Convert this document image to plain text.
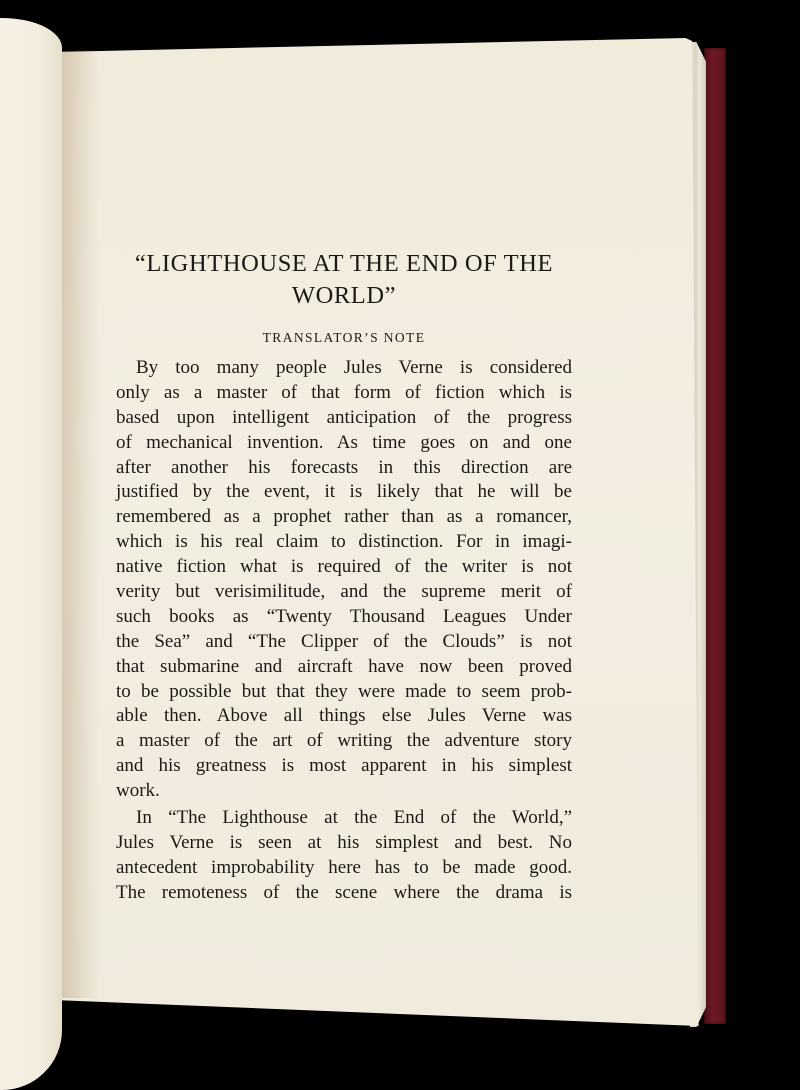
“LIGHTHOUSE AT THE END OF THE
WORLD”
TRANSLATOR’S NOTE
By too many people Jules Verne is considered
only as a master of that form of fiction which is
based upon intelligent anticipation of the progress
of mechanical invention. As time goes on and one
after another his forecasts in this direction are
justified by the event, it is likely that he will be
remembered as a prophet rather than as a romancer,
which is his real claim to distinction. For in imagi-
native fiction what is required of the writer is not
verity but verisimilitude, and the supreme merit of
such books as “Twenty Thousand Leagues Under
the Sea” and “The Clipper of the Clouds” is not
that submarine and aircraft have now been proved
to be possible but that they were made to seem prob-
able then. Above all things else Jules Verne was
a master of the art of writing the adventure story
and his greatness is most apparent in his simplest
work.
In “The Lighthouse at the End of the World,”
Jules Verne is seen at his simplest and best. No
antecedent improbability here has to be made good.
The remoteness of the scene where the drama is
